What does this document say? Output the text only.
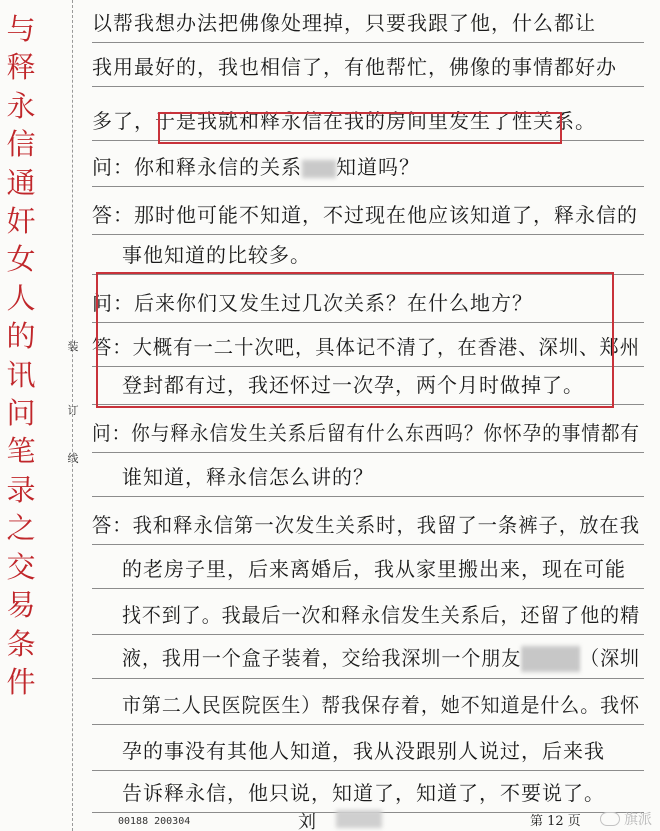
与
释
永
信
通
奸
女
人
的
讯
问
笔
录
之
交
易
条
件
装
订
线
以帮我想办法把佛像处理掉，只要我跟了他，什么都让
我用最好的，我也相信了，有他帮忙，佛像的事情都好办
多了，于是我就和释永信在我的房间里发生了性关系。
问：你和释永信的关系 知道吗？
答：那时他可能不知道，不过现在他应该知道了，释永信的
事他知道的比较多。
问：后来你们又发生过几次关系？在什么地方？
答：大概有一二十次吧，具体记不清了，在香港、深圳、郑州
登封都有过，我还怀过一次孕，两个月时做掉了。
问：你与释永信发生关系后留有什么东西吗？你怀孕的事情都有
谁知道，释永信怎么讲的？
答：我和释永信第一次发生关系时，我留了一条裤子，放在我
的老房子里，后来离婚后，我从家里搬出来，现在可能
找不到了。我最后一次和释永信发生关系后，还留了他的精
液，我用一个盒子装着，交给我深圳一个朋友	（深圳
市第二人民医院医生）帮我保存着，她不知道是什么。我怀
孕的事没有其他人知道，我从没跟别人说过，后来我
告诉释永信，他只说，知道了，知道了，不要说了。
00188 200304	刘	第 12 页	旗派
